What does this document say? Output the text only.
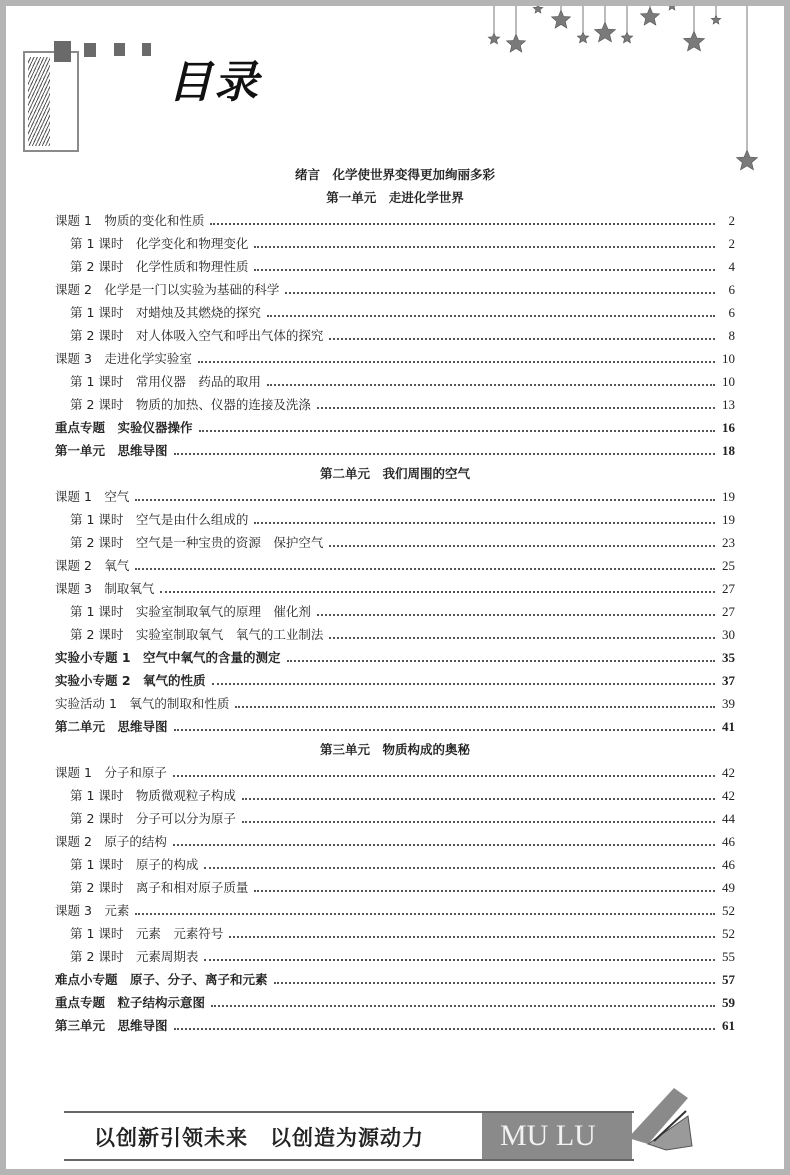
目录
绪言　化学使世界变得更加绚丽多彩
第一单元　走进化学世界
课题 1　物质的变化和性质	2
第 1 课时　化学变化和物理变化	2
第 2 课时　化学性质和物理性质	4
课题 2　化学是一门以实验为基础的科学	6
第 1 课时　对蜡烛及其燃烧的探究	6
第 2 课时　对人体吸入空气和呼出气体的探究	8
课题 3　走进化学实验室	10
第 1 课时　常用仪器　药品的取用	10
第 2 课时　物质的加热、仪器的连接及洗涤	13
重点专题　实验仪器操作	16
第一单元　思维导图	18
第二单元　我们周围的空气
课题 1　空气	19
第 1 课时　空气是由什么组成的	19
第 2 课时　空气是一种宝贵的资源　保护空气	23
课题 2　氧气	25
课题 3　制取氧气	27
第 1 课时　实验室制取氧气的原理　催化剂	27
第 2 课时　实验室制取氧气　氧气的工业制法	30
实验小专题 1　空气中氧气的含量的测定	35
实验小专题 2　氧气的性质	37
实验活动 1　氧气的制取和性质	39
第二单元　思维导图	41
第三单元　物质构成的奥秘
课题 1　分子和原子	42
第 1 课时　物质微观粒子构成	42
第 2 课时　分子可以分为原子	44
课题 2　原子的结构	46
第 1 课时　原子的构成	46
第 2 课时　离子和相对原子质量	49
课题 3　元素	52
第 1 课时　元素　元素符号	52
第 2 课时　元素周期表	55
难点小专题　原子、分子、离子和元素	57
重点专题　粒子结构示意图	59
第三单元　思维导图	61
以创新引领未来　以创造为源动力	MU LU
